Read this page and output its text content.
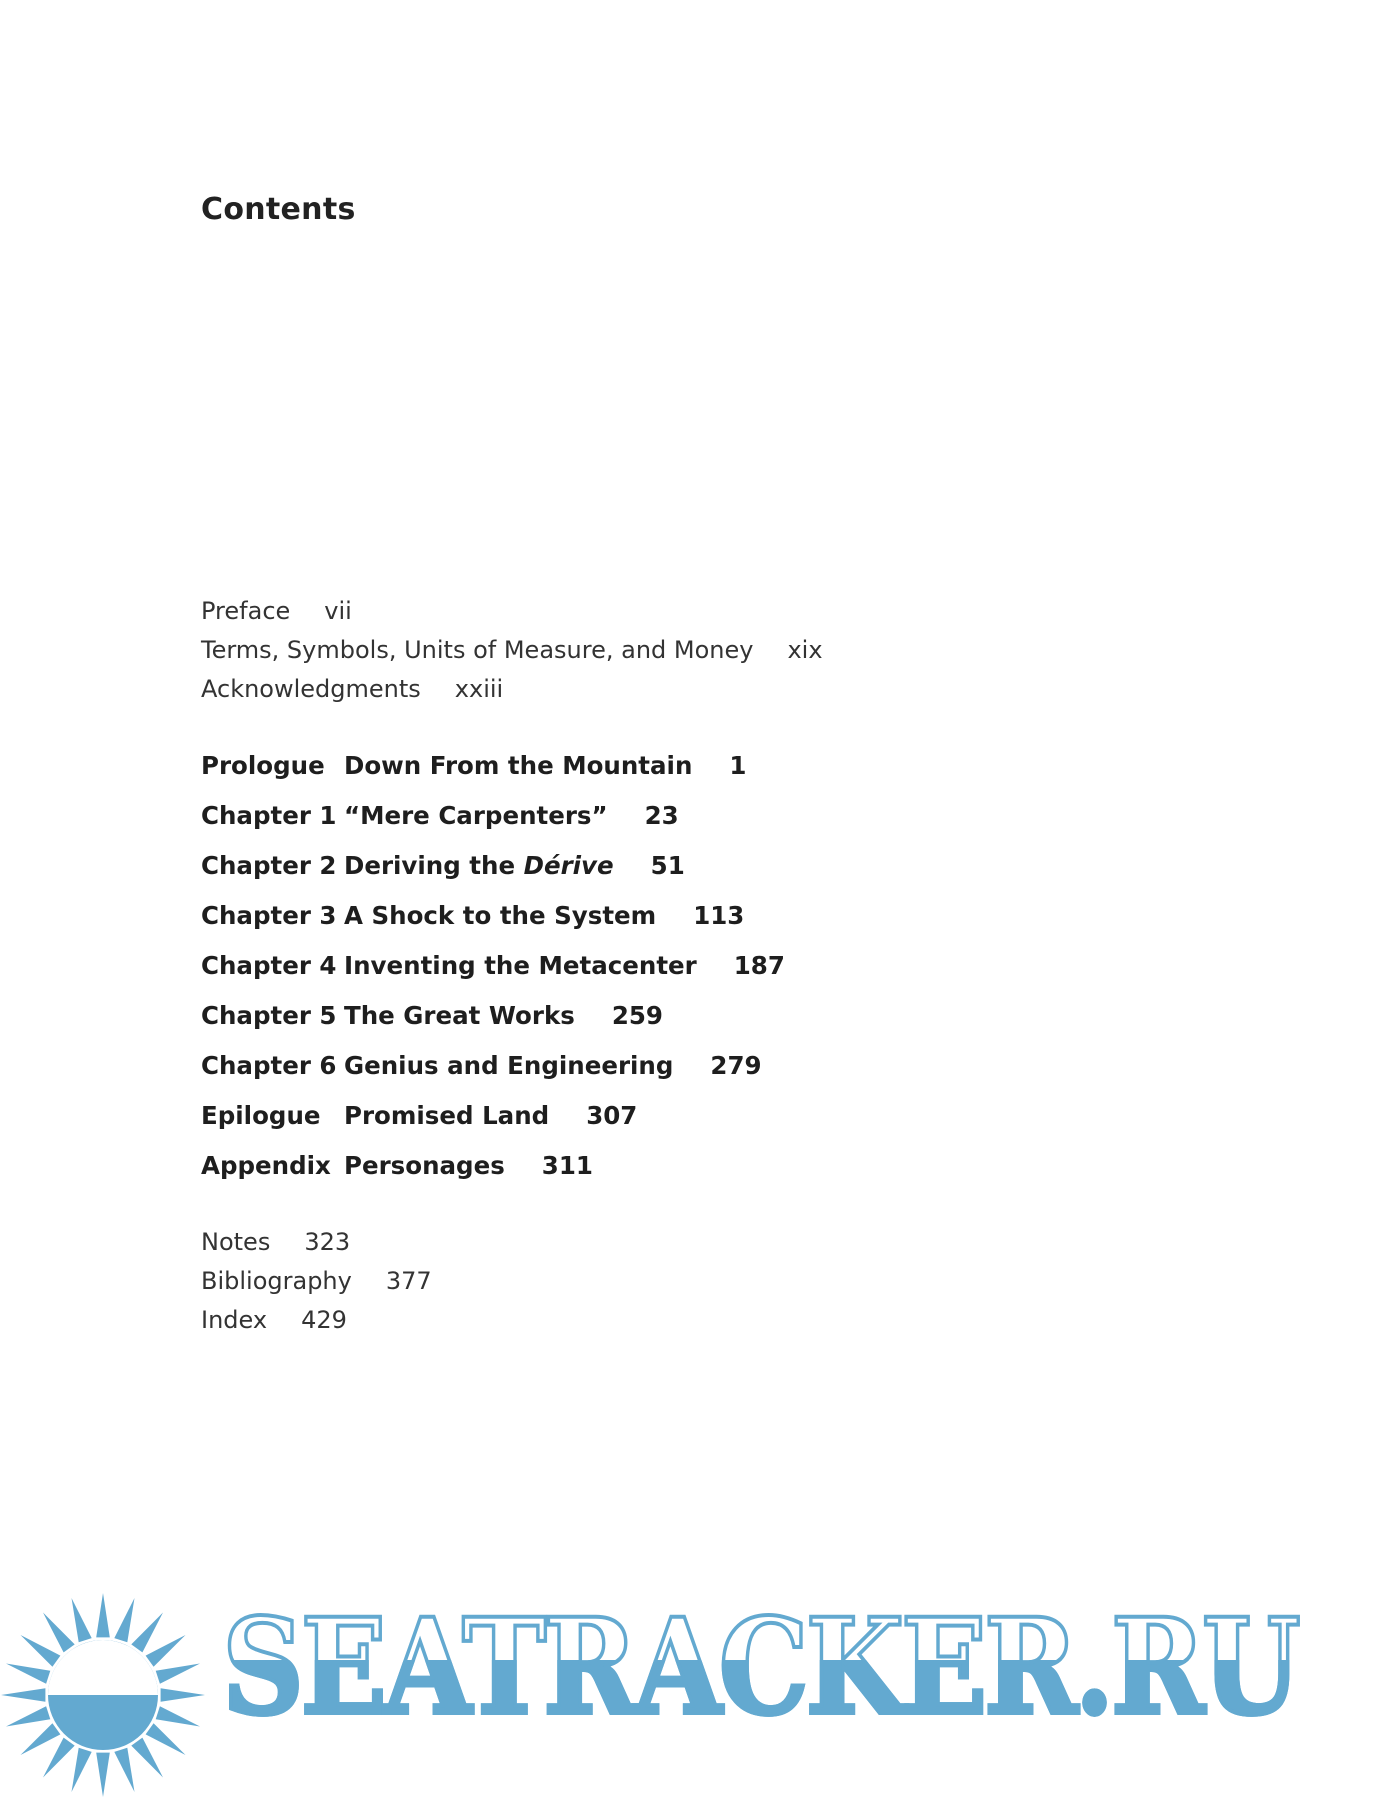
Contents
Preface vii
Terms, Symbols, Units of Measure, and Money xix
Acknowledgments xxiii
Prologue Down From the Mountain 1
Chapter 1 “Mere Carpenters” 23
Chapter 2 Deriving the Dérive 51
Chapter 3 A Shock to the System 113
Chapter 4 Inventing the Metacenter 187
Chapter 5 The Great Works 259
Chapter 6 Genius and Engineering 279
Epilogue Promised Land 307
Appendix Personages 311
Notes 323
Bibliography 377
Index 429
SEATRACKER.RU
